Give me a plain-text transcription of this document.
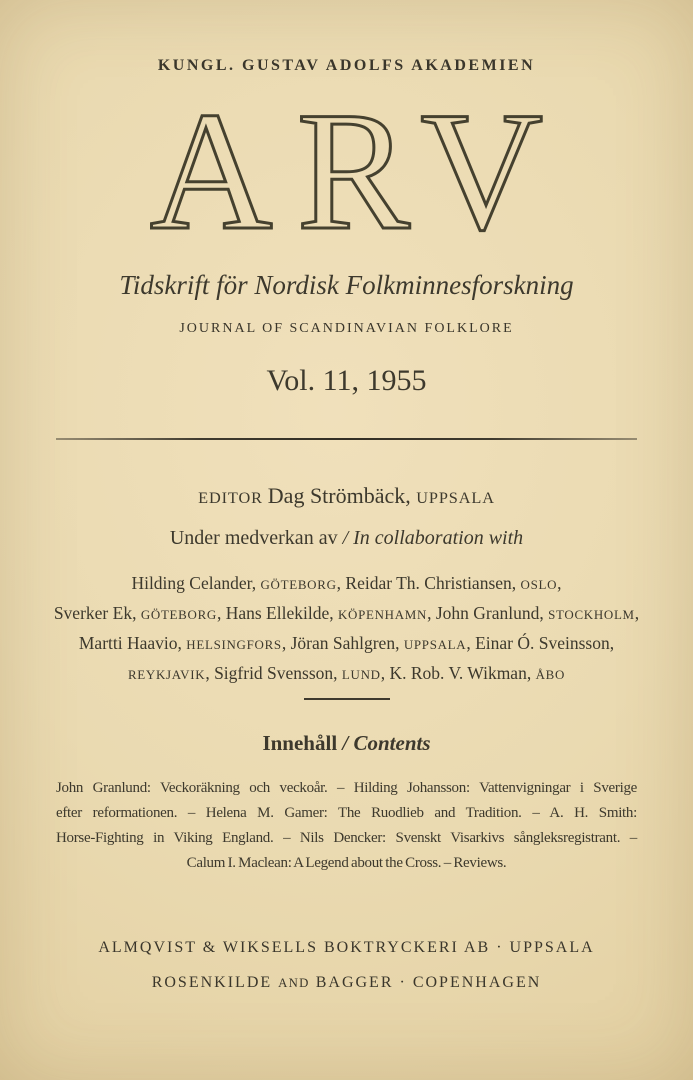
KUNGL. GUSTAV ADOLFS AKADEMIEN
ARV
Tidskrift för Nordisk Folkminnesforskning
JOURNAL OF SCANDINAVIAN FOLKLORE
Vol. 11, 1955
EDITOR Dag Strömbäck, UPPSALA
Under medverkan av / In collaboration with
Hilding Celander, GÖTEBORG, Reidar Th. Christiansen, OSLO,
Sverker Ek, GÖTEBORG, Hans Ellekilde, KÖPENHAMN, John Granlund, STOCKHOLM,
Martti Haavio, HELSINGFORS, Jöran Sahlgren, UPPSALA, Einar Ó. Sveinsson,
REYKJAVIK, Sigfrid Svensson, LUND, K. Rob. V. Wikman, ÅBO
Innehåll / Contents
John Granlund: Veckoräkning och veckoår. – Hilding Johansson: Vattenvigningar i Sverige
efter reformationen. – Helena M. Gamer: The Ruodlieb and Tradition. – A. H. Smith:
Horse-Fighting in Viking England. – Nils Dencker: Svenskt Visarkivs sångleksregistrant. –
Calum I. Maclean: A Legend about the Cross. – Reviews.
ALMQVIST & WIKSELLS BOKTRYCKERI AB · UPPSALA
ROSENKILDE AND BAGGER · COPENHAGEN
